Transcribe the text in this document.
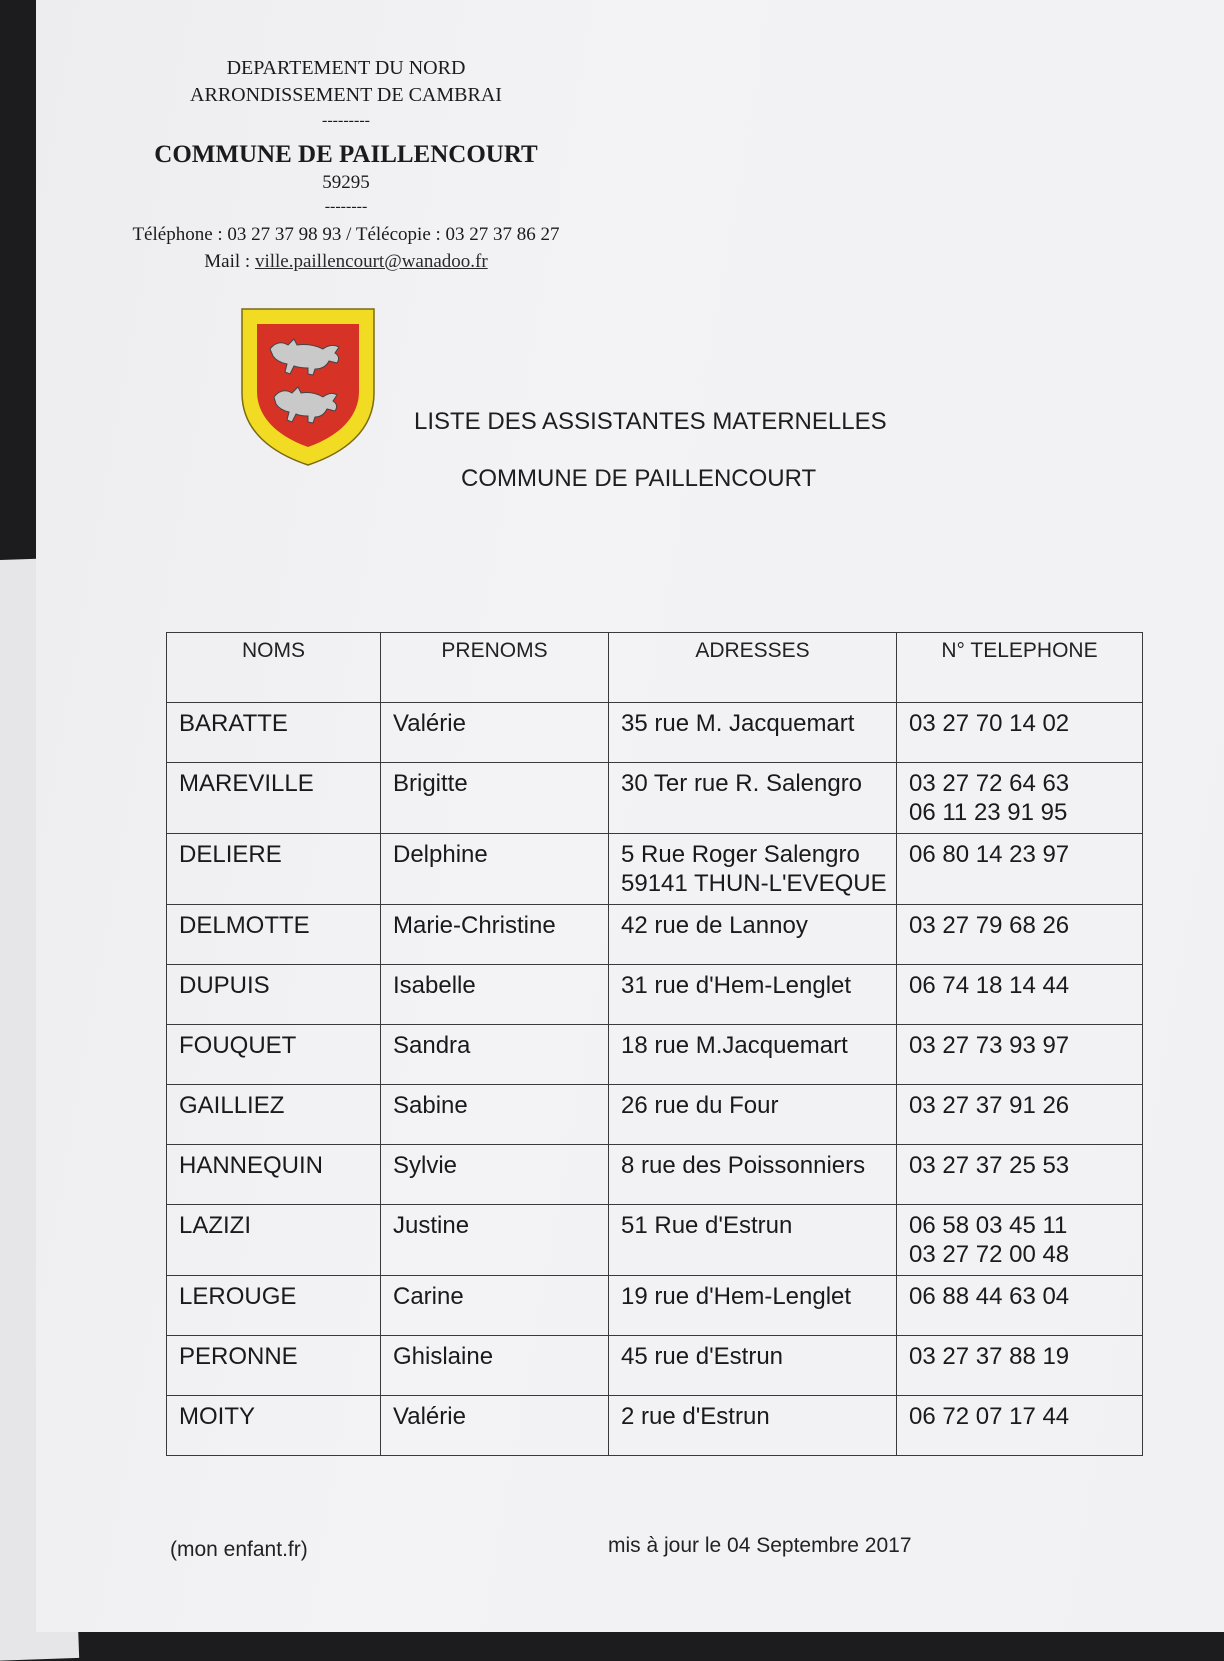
DEPARTEMENT DU NORD
ARRONDISSEMENT DE CAMBRAI
---------
COMMUNE DE PAILLENCOURT
59295
--------
Téléphone : 03 27 37 98 93 / Télécopie : 03 27 37 86 27
Mail : ville.paillencourt@wanadoo.fr
LISTE DES ASSISTANTES MATERNELLES
COMMUNE DE PAILLENCOURT
NOMS	PRENOMS	ADRESSES	N° TELEPHONE
BARATTE	Valérie	35 rue M. Jacquemart	03 27 70 14 02

MAREVILLE	Brigitte	30 Ter rue R. Salengro	03 27 72 64 63
06 11 23 91 95

DELIERE	Delphine	5 Rue Roger Salengro 59141 THUN-L'EVEQUE	06 80 14 23 97

DELMOTTE	Marie-Christine	42 rue de Lannoy	03 27 79 68 26

DUPUIS	Isabelle	31 rue d'Hem-Lenglet	06 74 18 14 44

FOUQUET	Sandra	18 rue M.Jacquemart	03 27 73 93 97

GAILLIEZ	Sabine	26 rue du Four	03 27 37 91 26

HANNEQUIN	Sylvie	8 rue des Poissonniers	03 27 37 25 53

LAZIZI	Justine	51 Rue d'Estrun	06 58 03 45 11
03 27 72 00 48

LEROUGE	Carine	19 rue d'Hem-Lenglet	06 88 44 63 04

PERONNE	Ghislaine	45 rue d'Estrun	03 27 37 88 19

MOITY	Valérie	2 rue d'Estrun	06 72 07 17 44
(mon enfant.fr)	mis à jour le 04 Septembre 2017
